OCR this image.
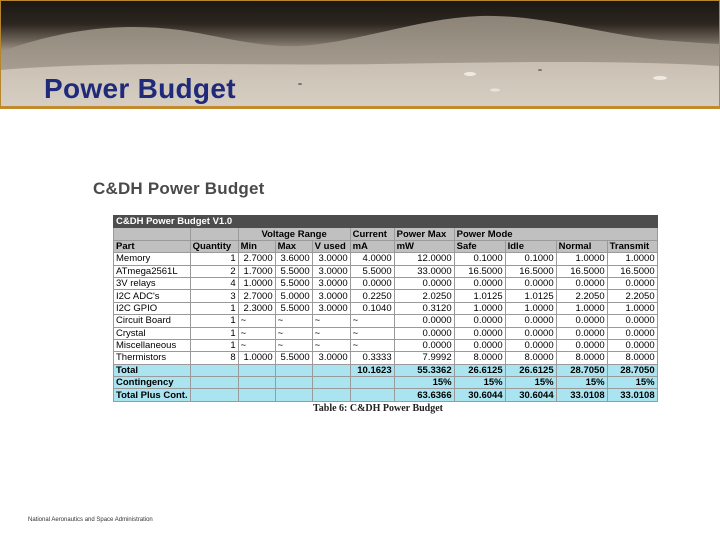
Power Budget
C&DH Power Budget
C&DH Power Budget V1.0										
		Voltage Range			Current	Power Max	Power Mode			
Part	Quantity	Min	Max	V used	mA	mW	Safe	Idle	Normal	Transmit
Memory	1	2.7000	3.6000	3.0000	4.0000	12.0000	0.1000	0.1000	1.0000	1.0000
ATmega2561L	2	1.7000	5.5000	3.0000	5.5000	33.0000	16.5000	16.5000	16.5000	16.5000
3V relays	4	1.0000	5.5000	3.0000	0.0000	0.0000	0.0000	0.0000	0.0000	0.0000
I2C ADC's	3	2.7000	5.0000	3.0000	0.2250	2.0250	1.0125	1.0125	2.2050	2.2050
I2C GPIO	1	2.3000	5.5000	3.0000	0.1040	0.3120	1.0000	1.0000	1.0000	1.0000
Circuit Board	1	~	~	~	~	0.0000	0.0000	0.0000	0.0000	0.0000
Crystal	1	~	~	~	~	0.0000	0.0000	0.0000	0.0000	0.0000
Miscellaneous	1	~	~	~	~	0.0000	0.0000	0.0000	0.0000	0.0000
Thermistors	8	1.0000	5.5000	3.0000	0.3333	7.9992	8.0000	8.0000	8.0000	8.0000
Total					10.1623	55.3362	26.6125	26.6125	28.7050	28.7050
Contingency						15%	15%	15%	15%	15%
Total Plus Cont.						63.6366	30.6044	30.6044	33.0108	33.0108
Table 6: C&DH Power Budget
National Aeronautics and Space Administration
